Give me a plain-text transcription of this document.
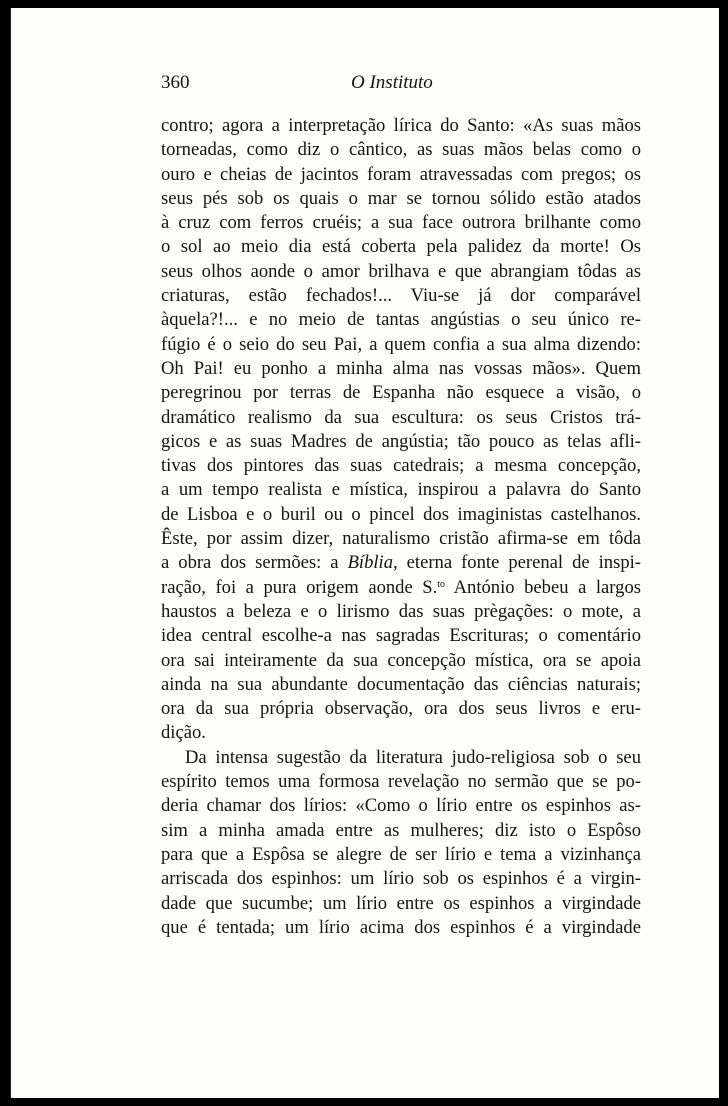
360	O Instituto
contro; agora a interpretação lírica do Santo: «As suas mãos
torneadas, como diz o cântico, as suas mãos belas como o
ouro e cheias de jacintos foram atravessadas com pregos; os
seus pés sob os quais o mar se tornou sólido estão atados
à cruz com ferros cruéis; a sua face outrora brilhante como
o sol ao meio dia está coberta pela palidez da morte! Os
seus olhos aonde o amor brilhava e que abrangiam tôdas as
criaturas, estão fechados!... Viu-se já dor comparável
àquela?!... e no meio de tantas angústias o seu único re-
fúgio é o seio do seu Pai, a quem confia a sua alma dizendo:
Oh Pai! eu ponho a minha alma nas vossas mãos». Quem
peregrinou por terras de Espanha não esquece a visão, o
dramático realismo da sua escultura: os seus Cristos trá-
gicos e as suas Madres de angústia; tão pouco as telas afli-
tivas dos pintores das suas catedrais; a mesma concepção,
a um tempo realista e mística, inspirou a palavra do Santo
de Lisboa e o buril ou o pincel dos imaginistas castelhanos.
Êste, por assim dizer, naturalismo cristão afirma-se em tôda
a obra dos sermões: a Bíblia, eterna fonte perenal de inspi-
ração, foi a pura origem aonde S.$^{to}$ António bebeu a largos
haustos a beleza e o lirismo das suas prègações: o mote, a
idea central escolhe-a nas sagradas Escrituras; o comentário
ora sai inteiramente da sua concepção mística, ora se apoia
ainda na sua abundante documentação das ciências naturais;
ora da sua própria observação, ora dos seus livros e eru-
dição.
Da intensa sugestão da literatura judo-religiosa sob o seu
espírito temos uma formosa revelação no sermão que se po-
deria chamar dos lírios: «Como o lírio entre os espinhos as-
sim a minha amada entre as mulheres; diz isto o Espôso
para que a Espôsa se alegre de ser lírio e tema a vizinhança
arriscada dos espinhos: um lírio sob os espinhos é a virgin-
dade que sucumbe; um lírio entre os espinhos a virgindade
que é tentada; um lírio acima dos espinhos é a virgindade
